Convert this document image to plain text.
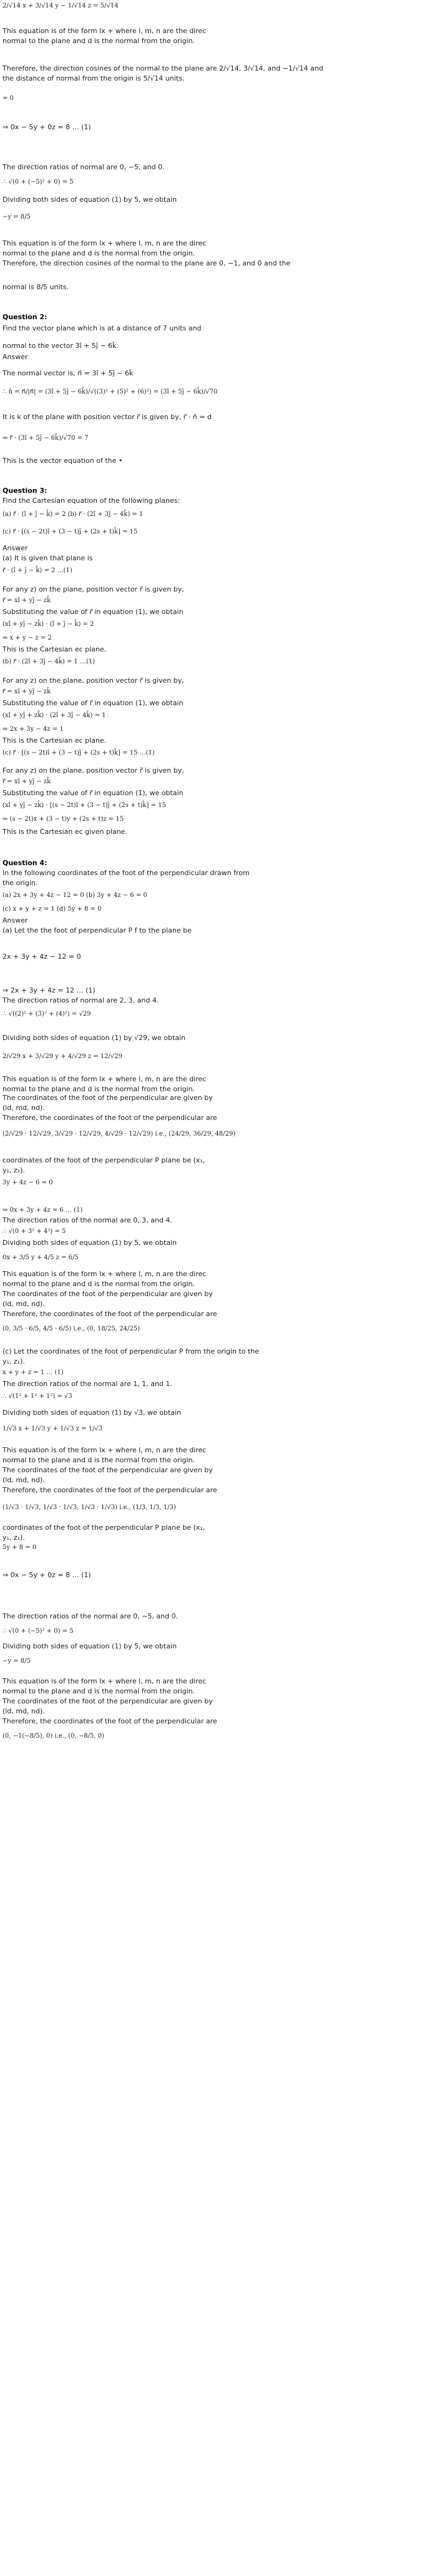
2/√14 x + 3/√14 y − 1/√14 z = 5/√14
This equation is of the form lx + where l, m, n are the direc
normal to the plane and d is the normal from the origin.
Therefore, the direction cosines of the normal to the plane are 2/√14, 3/√14, and −1/√14 and
the distance of normal from the origin is 5/√14 units.
= 0
⇒ 0x − 5y + 0z = 8 … (1)
The direction ratios of normal are 0, −5, and 0.
∴ √(0 + (−5)² + 0) = 5
Dividing both sides of equation (1) by 5, we obtain
−y = 8/5
This equation is of the form lx + where l, m, n are the direc
normal to the plane and d is the normal from the origin.
Therefore, the direction cosines of the normal to the plane are 0, −1, and 0 and the
normal is 8/5 units.
Question 2:
Find the vector plane which is at a distance of 7 units and
normal to the vector 3î + 5ĵ − 6k̂.
Answer
The normal vector is, n⃗ = 3î + 5ĵ − 6k̂
∴ n̂ = n⃗/|n⃗| = (3î + 5ĵ − 6k̂)/√((3)² + (5)² + (6)²) = (3î + 5ĵ − 6k̂)/√70
It is k of the plane with position vector r⃗ is given by, r⃗ · n̂ = d
⇒ r⃗ · (3î + 5ĵ − 6k̂)/√70 = 7
This is the vector equation of the •
Question 3:
Find the Cartesian equation of the following planes:
(a) r⃗ · (î + ĵ − k̂) = 2 (b) r⃗ · (2î + 3ĵ − 4k̂) = 1
(c) r⃗ · [(s − 2t)î + (3 − t)ĵ + (2s + t)k̂] = 15
Answer
(a) It is given that plane is
r⃗ · (î + ĵ − k̂) = 2 …(1)
For any z) on the plane, position vector r⃗ is given by,
r⃗ = xî + yĵ − zk̂
Substituting the value of r⃗ in equation (1), we obtain
(xî + yĵ − zk̂) · (î + ĵ − k̂) = 2
⇒ x + y − z = 2
This is the Cartesian ec plane.
(b) r⃗ · (2î + 3ĵ − 4k̂) = 1 …(1)
For any z) on the plane, position vector r⃗ is given by,
r⃗ = xî + yĵ − zk̂
Substituting the value of r⃗ in equation (1), we obtain
(xî + yĵ + zk̂) · (2î + 3ĵ − 4k̂) = 1
⇒ 2x + 3y − 4z = 1
This is the Cartesian ec plane.
(c) r⃗ · [(s − 2t)î + (3 − t)ĵ + (2s + t)k̂] = 15 …(1)
For any z) on the plane, position vector r⃗ is given by,
r⃗ = xî + yĵ − zk̂
Substituting the value of r⃗ in equation (1), we obtain
(xî + yĵ − zk̂) · [(s − 2t)î + (3 − t)ĵ + (2s + t)k̂] = 15
⇒ (s − 2t)x + (3 − t)y + (2s + t)z = 15
This is the Cartesian ec given plane.
Question 4:
In the following coordinates of the foot of the perpendicular drawn from
the origin.
(a) 2x + 3y + 4z − 12 = 0 (b) 3y + 4z − 6 = 0
(c) x + y + z = 1 (d) 5y + 8 = 0
Answer
(a) Let the the foot of perpendicular P f to the plane be
2x + 3y + 4z − 12 = 0
⇒ 2x + 3y + 4z = 12 … (1)
The direction ratios of normal are 2, 3, and 4.
∴ √((2)² + (3)² + (4)²) = √29
Dividing both sides of equation (1) by √29, we obtain
2/√29 x + 3/√29 y + 4/√29 z = 12/√29
This equation is of the form lx + where l, m, n are the direc
normal to the plane and d is the normal from the origin.
The coordinates of the foot of the perpendicular are given by
(ld, md, nd).
Therefore, the coordinates of the foot of the perpendicular are
(2/√29 · 12/√29, 3/√29 · 12/√29, 4/√29 · 12/√29) i.e., (24/29, 36/29, 48/29)
coordinates of the foot of the perpendicular P plane be (x₁,
y₁, z₁).
3y + 4z − 6 = 0
⇒ 0x + 3y + 4z = 6 … (1)
The direction ratios of the normal are 0, 3, and 4.
∴ √(0 + 3² + 4²) = 5
Dividing both sides of equation (1) by 5, we obtain
0x + 3/5 y + 4/5 z = 6/5
This equation is of the form lx + where l, m, n are the direc
normal to the plane and d is the normal from the origin.
The coordinates of the foot of the perpendicular are given by
(ld, md, nd).
Therefore, the coordinates of the foot of the perpendicular are
(0, 3/5 · 6/5, 4/5 · 6/5) i.e., (0, 18/25, 24/25)
(c) Let the coordinates of the foot of perpendicular P from the origin to the
y₁, z₁).
x + y + z = 1 … (1)
The direction ratios of the normal are 1, 1, and 1.
∴ √(1² + 1² + 1²) = √3
Dividing both sides of equation (1) by √3, we obtain
1/√3 x + 1/√3 y + 1/√3 z = 1/√3
This equation is of the form lx + where l, m, n are the direc
normal to the plane and d is the normal from the origin.
The coordinates of the foot of the perpendicular are given by
(ld, md, nd).
Therefore, the coordinates of the foot of the perpendicular are
(1/√3 · 1/√3, 1/√3 · 1/√3, 1/√3 · 1/√3) i.e., (1/3, 1/3, 1/3)
coordinates of the foot of the perpendicular P plane be (x₁,
y₁, z₁).
5y + 8 = 0
⇒ 0x − 5y + 0z = 8 … (1)
The direction ratios of the normal are 0, −5, and 0.
∴ √(0 + (−5)² + 0) = 5
Dividing both sides of equation (1) by 5, we obtain
−y = 8/5
This equation is of the form lx + where l, m, n are the direc
normal to the plane and d is the normal from the origin.
The coordinates of the foot of the perpendicular are given by
(ld, md, nd).
Therefore, the coordinates of the foot of the perpendicular are
(0, −1(−8/5), 0) i.e., (0, −8/5, 0)
